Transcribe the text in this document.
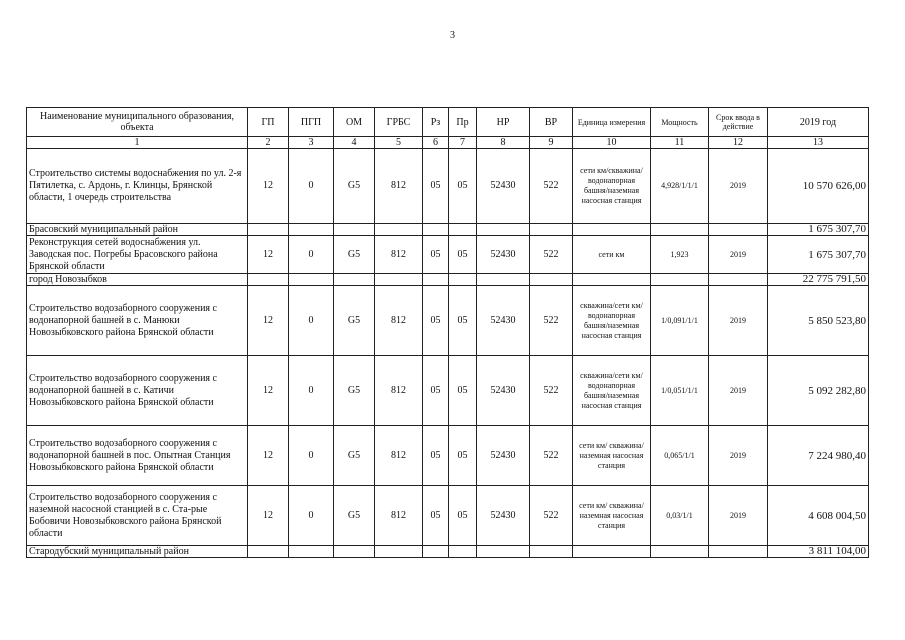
3
Наименование муниципального образования, объекта	ГП	ПГП	ОМ	ГРБС	Рз	Пр	НР	ВР	Единица измерения	Мощность	Срок ввода в действие	2019 год
1	2	3	4	5	6	7	8	9	10	11	12	13
Строительство системы водоснабжения по ул. 2-я Пятилетка, с. Ардонь, г. Клинцы, Брянской области, 1 очередь строительства	12	0	G5	812	05	05	52430	522	сети км/скважина/ водонапорная башня/наземная насосная станция	4,928/1/1/1	2019	10 570 626,00
Брасовский муниципальный район												1 675 307,70
Реконструкция сетей водоснабжения ул. Заводская пос. Погребы Брасовского района Брянской области	12	0	G5	812	05	05	52430	522	сети км	1,923	2019	1 675 307,70
город Новозыбков												22 775 791,50
Строительство водозаборного сооружения с водонапорной башней в с. Манюки Новозыбковского района Брянской области	12	0	G5	812	05	05	52430	522	скважина/сети км/ водонапорная башня/наземная насосная станция	1/0,091/1/1	2019	5 850 523,80
Строительство водозаборного сооружения с водонапорной башней в с. Катичи Новозыбковского района Брянской области	12	0	G5	812	05	05	52430	522	скважина/сети км/ водонапорная башня/наземная насосная станция	1/0,051/1/1	2019	5 092 282,80
Строительство водозаборного сооружения с водонапорной башней в пос. Опытная Станция Новозыбковского района Брянской области	12	0	G5	812	05	05	52430	522	сети км/ скважина/ наземная насосная станция	0,065/1/1	2019	7 224 980,40
Строительство водозаборного сооружения с наземной насосной станцией в с. Ста-рые Бобовичи Новозыбковского района Брянской области	12	0	G5	812	05	05	52430	522	сети км/ скважина/ наземная насосная станция	0,03/1/1	2019	4 608 004,50
Стародубский муниципальный район												3 811 104,00
